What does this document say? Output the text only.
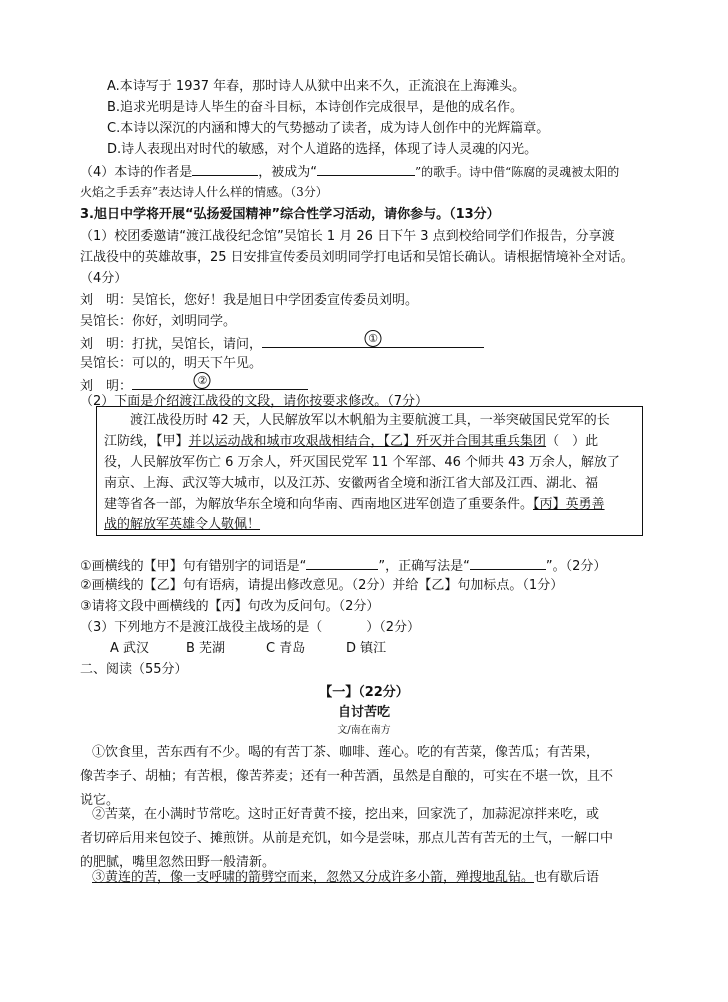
A.本诗写于 1937 年春，那时诗人从狱中出来不久，正流浪在上海滩头。
B.追求光明是诗人毕生的奋斗目标，本诗创作完成很早，是他的成名作。
C.本诗以深沉的内涵和博大的气势撼动了读者，成为诗人创作中的光辉篇章。
D.诗人表现出对时代的敏感，对个人道路的选择，体现了诗人灵魂的闪光。
（4）本诗的作者是	，被成为“	”的歌手。诗中借“陈腐的灵魂被太阳的
火焰之手丢弃”表达诗人什么样的情感。（3分）
3.旭日中学将开展“弘扬爱国精神”综合性学习活动，请你参与。（13分）
（1）校团委邀请“渡江战役纪念馆”吴馆长 1 月 26 日下午 3 点到校给同学们作报告，分享渡
江战役中的英雄故事，25 日安排宣传委员刘明同学打电话和吴馆长确认。请根据情境补全对话。
（4分）
刘　明：吴馆长，您好！我是旭日中学团委宣传委员刘明。
吴馆长：你好，刘明同学。
刘　明：打扰，吴馆长，请问，	①
吴馆长：可以的，明天下午见。
刘　明：	②
（2）下面是介绍渡江战役的文段，请你按要求修改。（7分）
渡江战役历时 42 天，人民解放军以木帆船为主要航渡工具，一举突破国民党军的长
江防线，【甲】并以运动战和城市攻艰战相结合，【乙】歼灭并合围其重兵集团（　）此
役，人民解放军伤亡 6 万余人，歼灭国民党军 11 个军部、46 个师共 43 万余人，解放了
南京、上海、武汉等大城市，以及江苏、安徽两省全境和浙江省大部及江西、湖北、福
建等省各一部，为解放华东全境和向华南、西南地区进军创造了重要条件。【丙】英勇善
战的解放军英雄令人敬佩！
①画横线的【甲】句有错别字的词语是“	”，正确写法是“	”。（2分）
②画横线的【乙】句有语病，请提出修改意见。（2分）并给【乙】句加标点。（1分）
③请将文段中画横线的【丙】句改为反问句。（2分）
（3）下列地方不是渡江战役主战场的是（	）（2分）
A 武汉	B 芜湖	C 青岛	D 镇江
二、阅读（55分）
【一】（22分）
自讨苦吃
文/南在南方
①饮食里，苦东西有不少。喝的有苦丁茶、咖啡、莲心。吃的有苦菜，像苦瓜；有苦果，
像苦李子、胡柚；有苦根，像苦荞麦；还有一种苦酒，虽然是自酿的，可实在不堪一饮，且不
说它。
②苦菜，在小满时节常吃。这时正好青黄不接，挖出来，回家洗了，加蒜泥凉拌来吃，或
者切碎后用来包饺子、摊煎饼。从前是充饥，如今是尝味，那点儿苦有苦无的土气，一解口中
的肥腻，嘴里忽然田野一般清新。
③黄连的苦，像一支呼啸的箭劈空而来，忽然又分成许多小箭，殚搜地乱钻。也有歇后语
